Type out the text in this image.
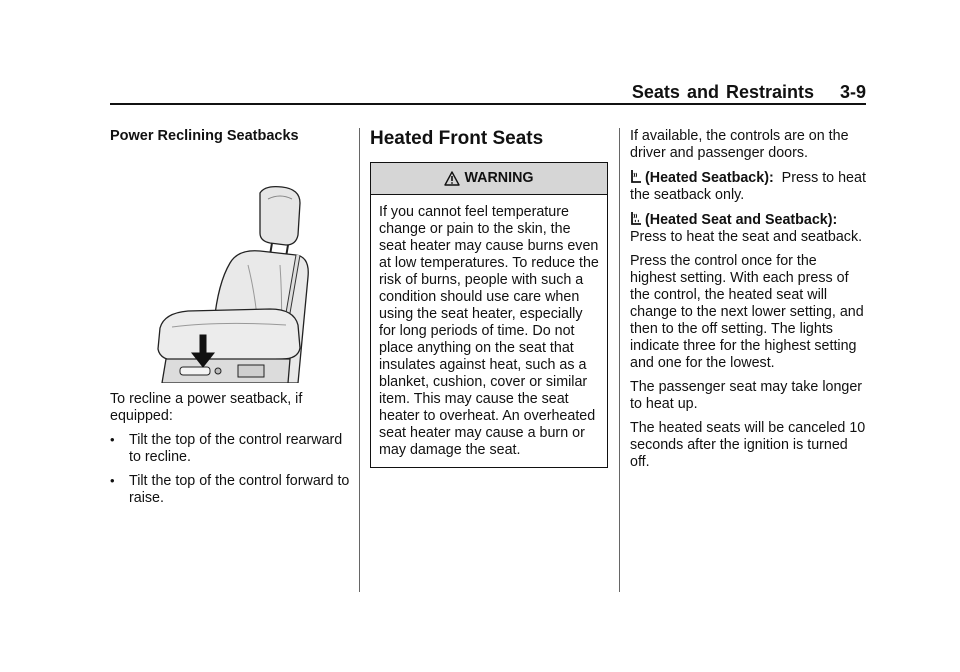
Seats and Restraints 3-9
Power Reclining Seatbacks

To recline a power seatback, if equipped:

• Tilt the top of the control rearward to recline.
• Tilt the top of the control forward to raise.
Heated Front Seats
WARNING
If you cannot feel temperature change or pain to the skin, the seat heater may cause burns even at low temperatures. To reduce the risk of burns, people with such a condition should use care when using the seat heater, especially for long periods of time. Do not place anything on the seat that insulates against heat, such as a blanket, cushion, cover or similar item. This may cause the seat heater to overheat. An overheated seat heater may cause a burn or may damage the seat.

If available, the controls are on the driver and passenger doors.

(Heated Seatback): Press to heat the seatback only.

(Heated Seat and Seatback): Press to heat the seat and seatback.

Press the control once for the highest setting. With each press of the control, the heated seat will change to the next lower setting, and then to the off setting. The lights indicate three for the highest setting and one for the lowest.

The passenger seat may take longer to heat up.

The heated seats will be canceled 10 seconds after the ignition is turned off.
